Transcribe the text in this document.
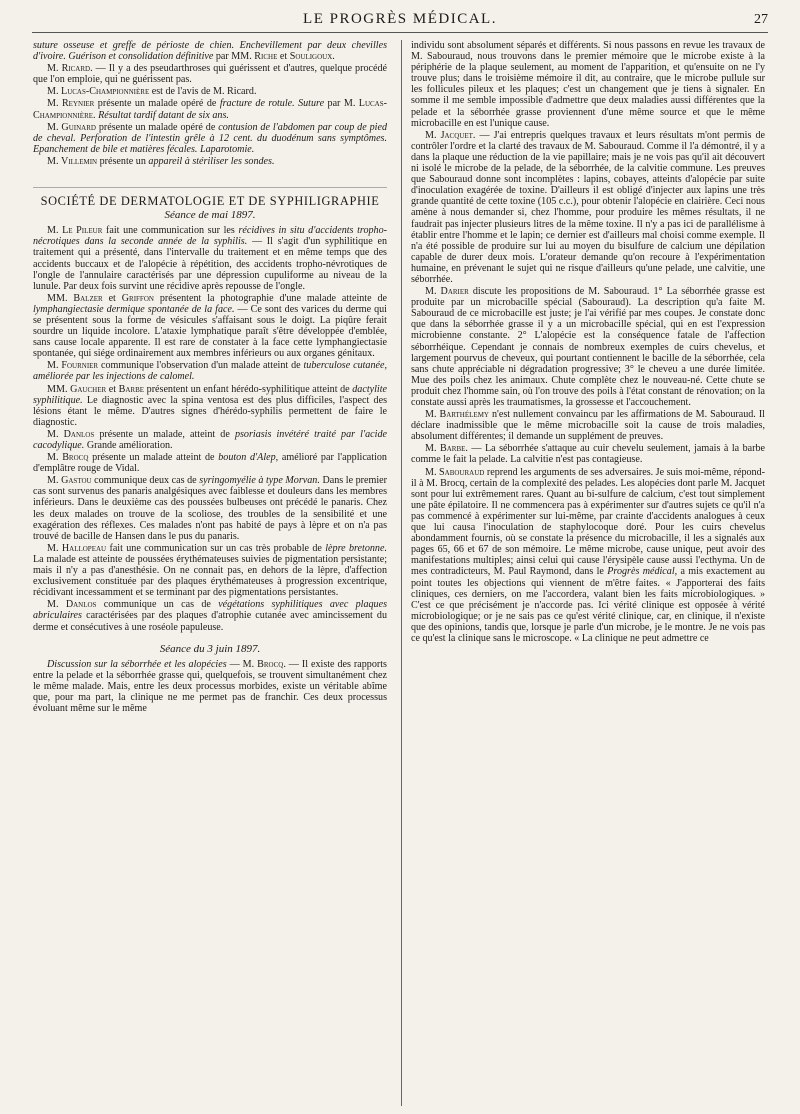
LE PROGRÈS MÉDICAL.	27

suture osseuse et greffe de périoste de chien. Enchevillement par deux chevilles d'ivoire. Guérison et consolidation définitive par MM. Riche et Souligoux.

M. Ricard. — Il y a des pseudarthroses qui guérissent et d'autres, quelque procédé que l'on emploie, qui ne guérissent pas.

M. Lucas-Championnière est de l'avis de M. Ricard.

M. Reynier présente un malade opéré de fracture de rotule. Suture par M. Lucas-Championnière. Résultat tardif datant de six ans.

M. Guinard présente un malade opéré de contusion de l'abdomen par coup de pied de cheval. Perforation de l'intestin grêle à 12 cent. du duodénum sans symptômes. Epanchement de bile et matières fécales. Laparotomie.

M. Villemin présente un appareil à stériliser les sondes.

SOCIÉTÉ DE DERMATOLOGIE ET DE SYPHILIGRAPHIE
Séance de mai 1897.

M. Le Pileur fait une communication sur les récidives in situ d'accidents tropho-nécrotiques dans la seconde année de la syphilis. — Il s'agit d'un syphilitique en traitement qui a présenté, dans l'intervalle du traitement et en même temps que des accidents buccaux et de l'alopécie à répétition, des accidents tropho-névrotiques de l'ongle de l'annulaire caractérisés par une dépression cupuliforme au niveau de la lunule. Par deux fois survint une récidive après repousse de l'ongle.

MM. Balzer et Griffon présentent la photographie d'une malade atteinte de lymphangiectasie dermique spontanée de la face. — Ce sont des varices du derme qui se présentent sous la forme de vésicules s'affaisant sous le doigt. La piqûre ferait sourdre un liquide incolore. L'ataxie lymphatique paraît s'être développée d'emblée, sans cause locale apparente. Il est rare de constater à la face cette lymphangiectasie spontanée, qui siége ordinairement aux membres inférieurs ou aux organes génitaux.

M. Fournier communique l'observation d'un malade atteint de tuberculose cutanée, améliorée par les injections de calomel.

MM. Gaucher et Barbe présentent un enfant hérédo-syphilitique atteint de dactylite syphilitique. Le diagnostic avec la spina ventosa est des plus difficiles, l'aspect des lésions étant le même. D'autres signes d'hérédo-syphilis permettent de faire le diagnostic.

M. Danlos présente un malade, atteint de psoriasis invétéré traité par l'acide cacodylique. Grande amélioration.

M. Brocq présente un malade atteint de bouton d'Alep, amélioré par l'application d'emplâtre rouge de Vidal.

M. Gastou communique deux cas de syringomyélie à type Morvan. Dans le premier cas sont survenus des panaris analgésiques avec faiblesse et douleurs dans les membres inférieurs. Dans le deuxième cas des poussées bulbeuses ont précédé le panaris. Chez les deux malades on trouve de la scoliose, des troubles de la sensibilité et une exagération des réflexes. Ces malades n'ont pas habité de pays à lèpre et on n'a pas trouvé de bacille de Hansen dans le pus du panaris.

M. Hallopeau fait une communication sur un cas très probable de lèpre bretonne. La malade est atteinte de poussées érythémateuses suivies de pigmentation persistante; mais il n'y a pas d'anesthésie. On ne connait pas, en dehors de la lèpre, d'affection exclusivement constituée par des plaques érythémateuses à progression excentrique, récidivant incessamment et se terminant par des pigmentations persistantes.

M. Danlos communique un cas de végétations syphilitiques avec plaques abriculaires caractérisées par des plaques d'atrophie cutanée avec amincissement du derme et consécutives à une roséole papuleuse.

Séance du 3 juin 1897.

Discussion sur la séborrhée et les alopécies — M. Brocq. — Il existe des rapports entre la pelade et la séborrhée grasse qui, quelquefois, se trouvent simultanément chez le même malade. Mais, entre les deux processus morbides, existe un véritable abîme que, pour ma part, la clinique ne me permet pas de franchir. Ces deux processus évoluant même sur le même

individu sont absolument séparés et différents. Si nous passons en revue les travaux de M. Sabouraud, nous trouvons dans le premier mémoire que le microbe existe à la périphérie de la plaque seulement, au moment de l'apparition, et qu'ensuite on ne l'y trouve plus; dans le troisième mémoire il dit, au contraire, que le microbe pullule sur les follicules pileux et les plaques; c'est un changement que je tiens à signaler. En somme il me semble impossible d'admettre que deux maladies aussi différentes que la pelade et la séborrhée grasse proviennent d'une même source et que le même microbacille en est l'unique cause.

M. Jacquet. — J'ai entrepris quelques travaux et leurs résultats m'ont permis de contrôler l'ordre et la clarté des travaux de M. Sabouraud. Comme il l'a démontré, il y a dans la plaque une réduction de la vie papillaire; mais je ne vois pas qu'il ait découvert ni isolé le microbe de la pelade, de la séborrhée, de la calvitie commune. Les preuves que Sabouraud donne sont incomplètes : lapins, cobayes, atteints d'alopécie par suite d'inoculation exagérée de toxine. D'ailleurs il est obligé d'injecter aux lapins une très grande quantité de cette toxine (105 c.c.), pour obtenir l'alopécie en clairière. Ceci nous amène à nous demander si, chez l'homme, pour produire les mêmes résultats, il ne faudrait pas injecter plusieurs litres de la même toxine. Il n'y a pas ici de parallélisme à établir entre l'homme et le lapin; ce dernier est d'ailleurs mal choisi comme exemple. Il n'a été possible de produire sur lui au moyen du bisulfure de calcium une dépilation capable de durer deux mois. L'orateur demande qu'on recoure à l'expérimentation humaine, en prévenant le sujet qui ne risque d'ailleurs qu'une pelade, une calvitie, une séborrhée.

M. Darier discute les propositions de M. Sabouraud. 1° La séborrhée grasse est produite par un microbacille spécial (Sabouraud). La description qu'a faite M. Sabouraud de ce microbacille est juste; je l'ai vérifié par mes coupes. Je constate donc que dans la séborrhée grasse il y a un microbacille spécial, qui en est l'expression microbienne constante. 2° L'alopécie est la conséquence fatale de l'affection séborrhéique. Cependant je connais de nombreux exemples de cuirs chevelus, et largement pourvus de cheveux, qui pourtant contiennent le bacille de la séborrhée, cela sans chute appréciable ni dégradation progressive; 3° le cheveu a une durée limitée. Mue des poils chez les animaux. Chute complète chez le nouveau-né. Cette chute se produit chez l'homme sain, où l'on trouve des poils à l'état constant de rénovation; on la constate aussi après les traumatismes, la grossesse et l'accouchement.

M. Barthélemy n'est nullement convaincu par les affirmations de M. Sabouraud. Il déclare inadmissible que le même microbacille soit la cause de trois maladies, absolument différentes; il demande un supplément de preuves.

M. Barbe. — La séborrhée s'attaque au cuir chevelu seulement, jamais à la barbe comme le fait la pelade. La calvitie n'est pas contagieuse.

M. Sabouraud reprend les arguments de ses adversaires. Je suis moi-même, répond-il à M. Brocq, certain de la complexité des pelades. Les alopécies dont parle M. Jacquet sont pour lui extrêmement rares. Quant au bi-sulfure de calcium, c'est tout simplement une pâte épilatoire. Il ne commencera pas à expérimenter sur d'autres sujets ce qu'il n'a pas commencé à expérimenter sur lui-même, par crainte d'accidents analogues à ceux que lui causa l'inoculation de staphylocoque doré. Pour les cuirs chevelus abondamment fournis, où se constate la présence du microbacille, il les a signalés aux pages 65, 66 et 67 de son mémoire. Le même microbe, cause unique, peut avoir des manifestations multiples; ainsi celui qui cause l'érysipèle cause aussi l'ecthyma. Un de mes contradicteurs, M. Paul Raymond, dans le Progrès médical, a mis exactement au point toutes les objections qui viennent de m'être faites. « J'apporterai des faits cliniques, ces derniers, on me l'accordera, valant bien les faits microbiologiques. » C'est ce que précisément je n'accorde pas. Ici vérité clinique est opposée à vérité microbiologique; or je ne sais pas ce qu'est vérité clinique, car, en clinique, il n'existe que des opinions, tandis que, lorsque je parle d'un microbe, je le montre. Je ne vois pas ce qu'est la clinique sans le microscope. « La clinique ne peut admettre ce
